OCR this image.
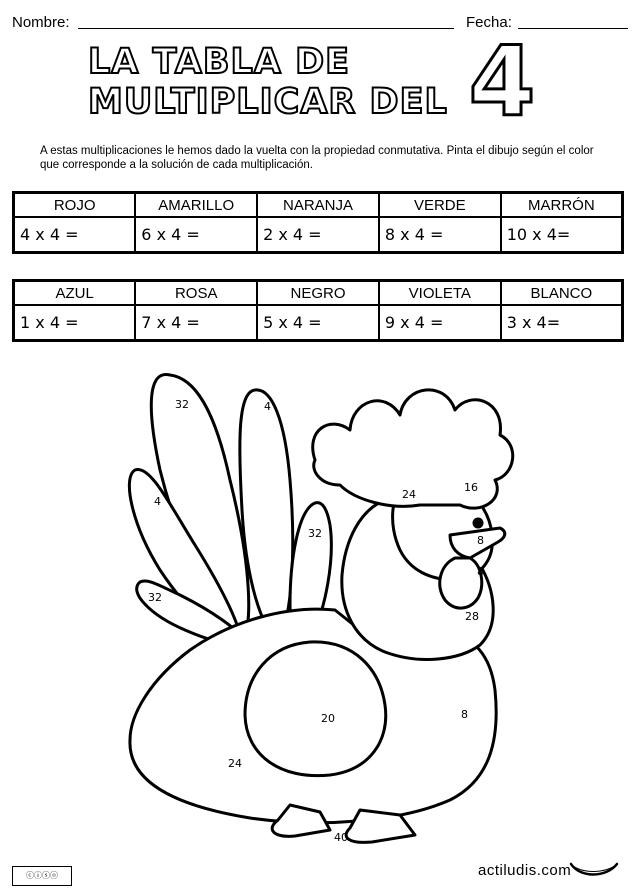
Nombre:	Fecha:
LA TABLA DE
MULTIPLICAR DEL 4
A estas multiplicaciones le hemos dado la vuelta con la propiedad conmutativa. Pinta el dibujo según el color que corresponde a la solución de cada multiplicación.
ROJO	AMARILLO	NARANJA	VERDE	MARRÓN
4 x 4 =	6 x 4 =	2 x 4 =	8 x 4 =	10 x 4=
AZUL	ROSA	NEGRO	VIOLETA	BLANCO
1 x 4 =	7 x 4 =	5 x 4 =	9 x 4 =	3 x 4=
32	4
4
32
32
24
16
8
8
28
20	8
24
40
ⓒⓘⓢⓞ	actiludis.com
